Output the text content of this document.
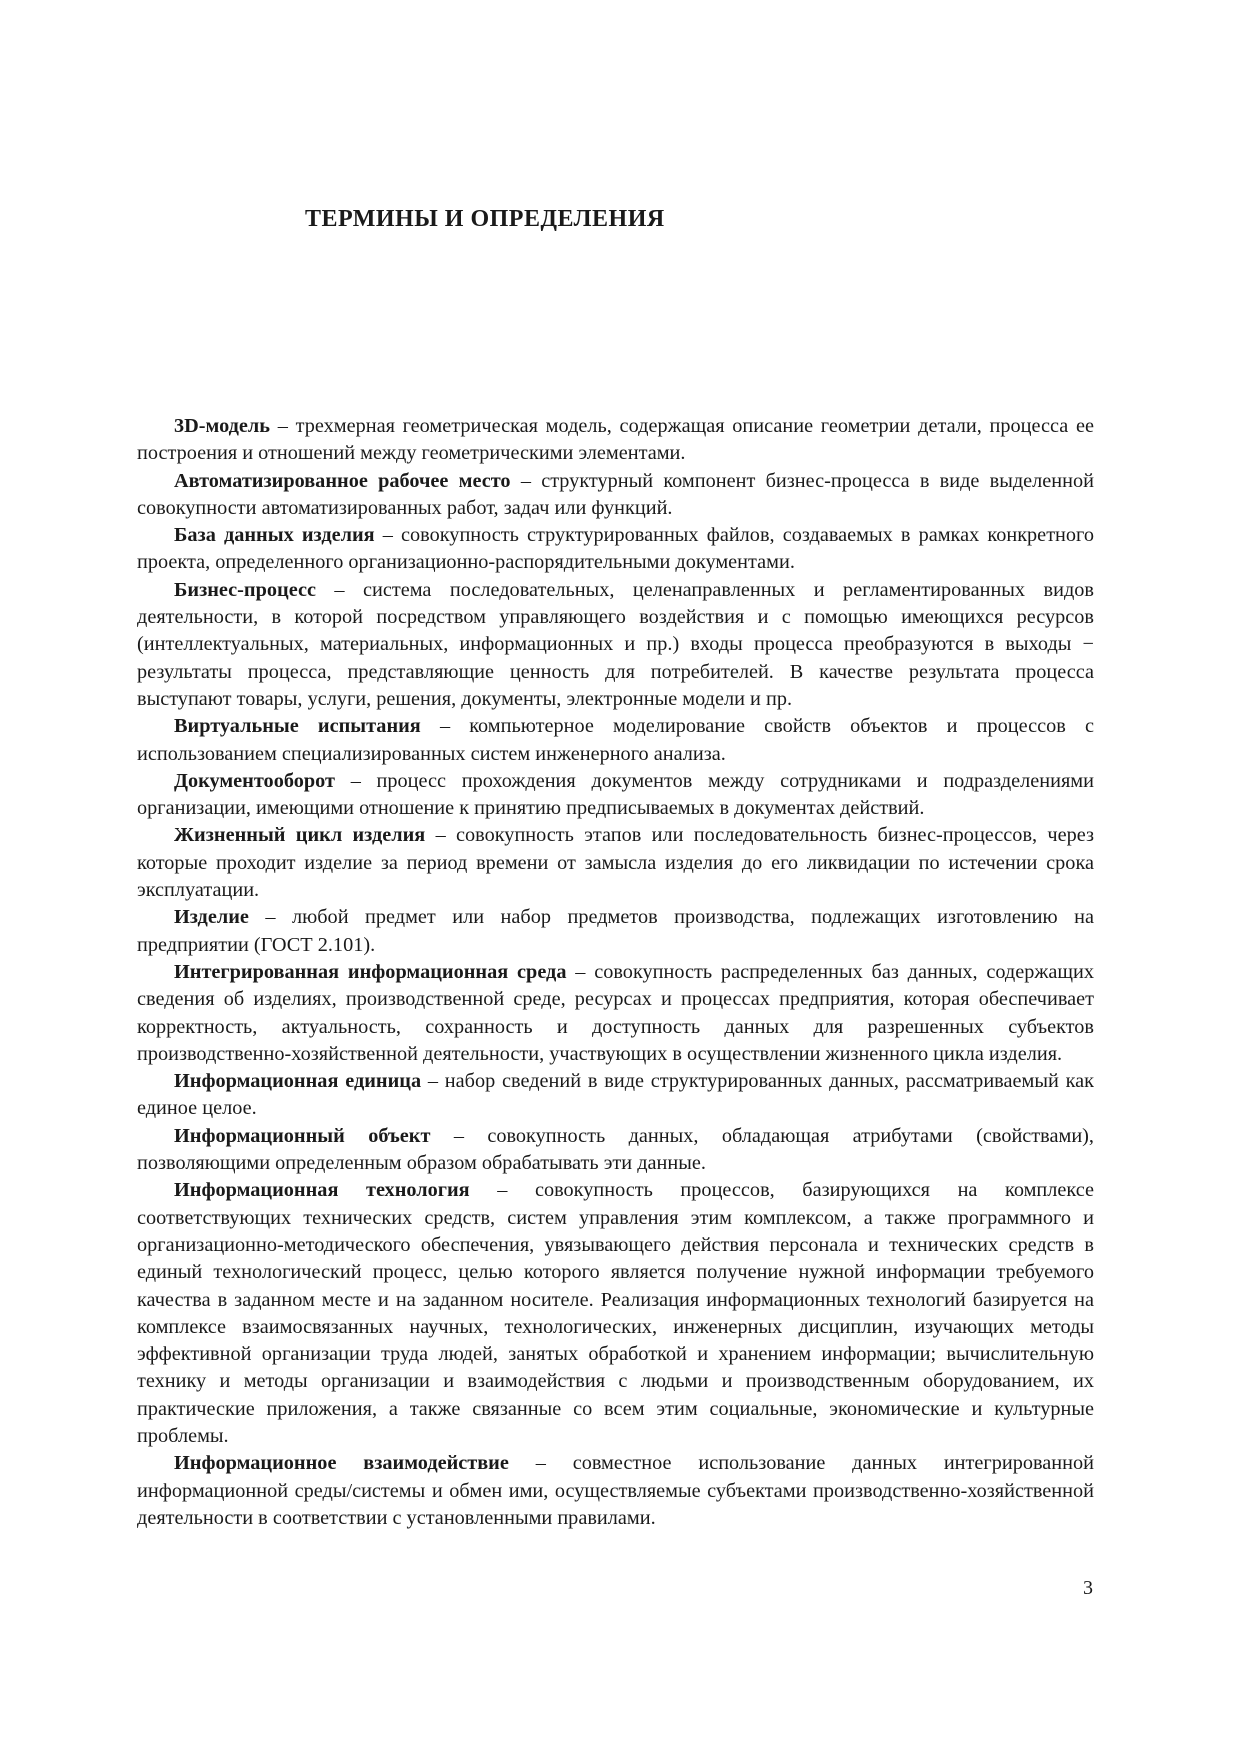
ТЕРМИНЫ И ОПРЕДЕЛЕНИЯ

3D-модель – трехмерная геометрическая модель, содержащая описание геометрии детали, процесса ее построения и отношений между геометрическими элементами.

Автоматизированное рабочее место – структурный компонент бизнес-процесса в виде выделенной совокупности автоматизированных работ, задач или функций.

База данных изделия – совокупность структурированных файлов, создаваемых в рамках конкретного проекта, определенного организационно-распорядительными документами.

Бизнес-процесс – система последовательных, целенаправленных и регламентированных видов деятельности, в которой посредством управляющего воздействия и с помощью имеющихся ресурсов (интеллектуальных, материальных, информационных и пр.) входы процесса преобразуются в выходы − результаты процесса, представляющие ценность для потребителей. В качестве результата процесса выступают товары, услуги, решения, документы, электронные модели и пр.

Виртуальные испытания – компьютерное моделирование свойств объектов и процессов с использованием специализированных систем инженерного анализа.

Документооборот – процесс прохождения документов между сотрудниками и подразделениями организации, имеющими отношение к принятию предписываемых в документах действий.

Жизненный цикл изделия – совокупность этапов или последовательность бизнес-процессов, через которые проходит изделие за период времени от замысла изделия до его ликвидации по истечении срока эксплуатации.

Изделие – любой предмет или набор предметов производства, подлежащих изготовлению на предприятии (ГОСТ 2.101).

Интегрированная информационная среда – совокупность распределенных баз данных, содержащих сведения об изделиях, производственной среде, ресурсах и процессах предприятия, которая обеспечивает корректность, актуальность, сохранность и доступность данных для разрешенных субъектов производственно-хозяйственной деятельности, участвующих в осуществлении жизненного цикла изделия.

Информационная единица – набор сведений в виде структурированных данных, рассматриваемый как единое целое.

Информационный объект – совокупность данных, обладающая атрибутами (свойствами), позволяющими определенным образом обрабатывать эти данные.

Информационная технология – совокупность процессов, базирующихся на комплексе соответствующих технических средств, систем управления этим комплексом, а также программного и организационно-методического обеспечения, увязывающего действия персонала и технических средств в единый технологический процесс, целью которого является получение нужной информации требуемого качества в заданном месте и на заданном носителе. Реализация информационных технологий базируется на комплексе взаимосвязанных научных, технологических, инженерных дисциплин, изучающих методы эффективной организации труда людей, занятых обработкой и хранением информации; вычислительную технику и методы организации и взаимодействия с людьми и производственным оборудованием, их практические приложения, а также связанные со всем этим социальные, экономические и культурные проблемы.

Информационное взаимодействие – совместное использование данных интегрированной информационной среды/системы и обмен ими, осуществляемые субъектами производственно-хозяйственной деятельности в соответствии с установленными правилами.

3
